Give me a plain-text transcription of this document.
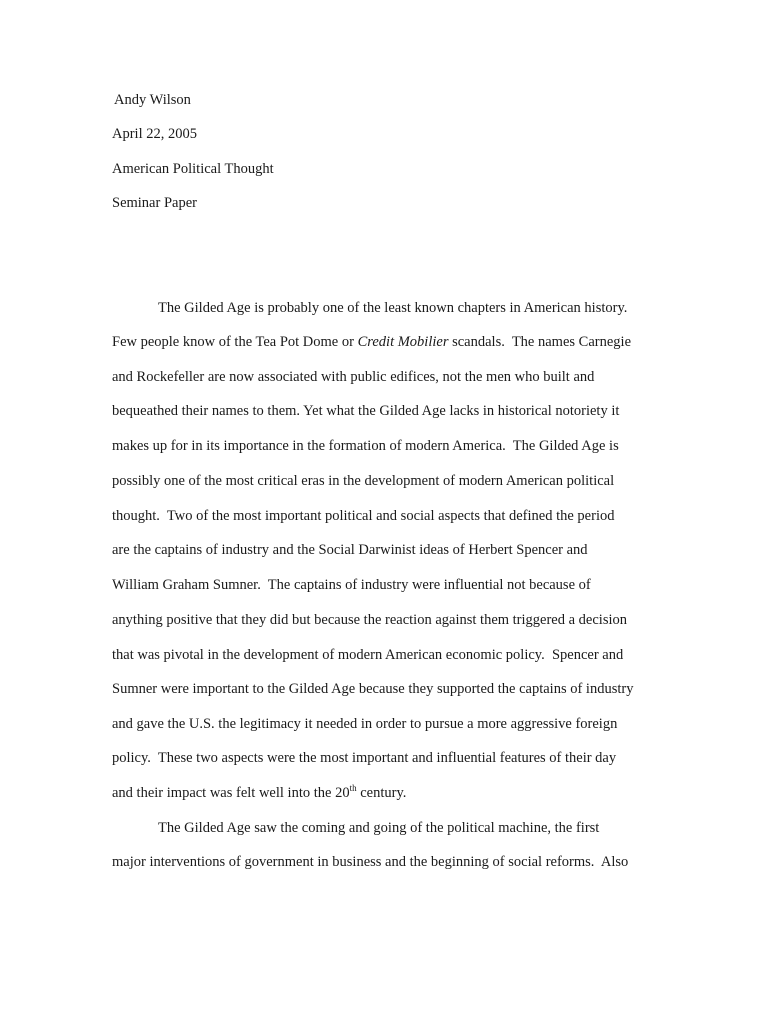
Andy Wilson
April 22, 2005
American Political Thought
Seminar Paper
The Gilded Age is probably one of the least known chapters in American history.
Few people know of the Tea Pot Dome or Credit Mobilier scandals.  The names Carnegie
and Rockefeller are now associated with public edifices, not the men who built and
bequeathed their names to them. Yet what the Gilded Age lacks in historical notoriety it
makes up for in its importance in the formation of modern America.  The Gilded Age is
possibly one of the most critical eras in the development of modern American political
thought.  Two of the most important political and social aspects that defined the period
are the captains of industry and the Social Darwinist ideas of Herbert Spencer and
William Graham Sumner.  The captains of industry were influential not because of
anything positive that they did but because the reaction against them triggered a decision
that was pivotal in the development of modern American economic policy.  Spencer and
Sumner were important to the Gilded Age because they supported the captains of industry
and gave the U.S. the legitimacy it needed in order to pursue a more aggressive foreign
policy.  These two aspects were the most important and influential features of their day
and their impact was felt well into the 20th century.
The Gilded Age saw the coming and going of the political machine, the first
major interventions of government in business and the beginning of social reforms.  Also
